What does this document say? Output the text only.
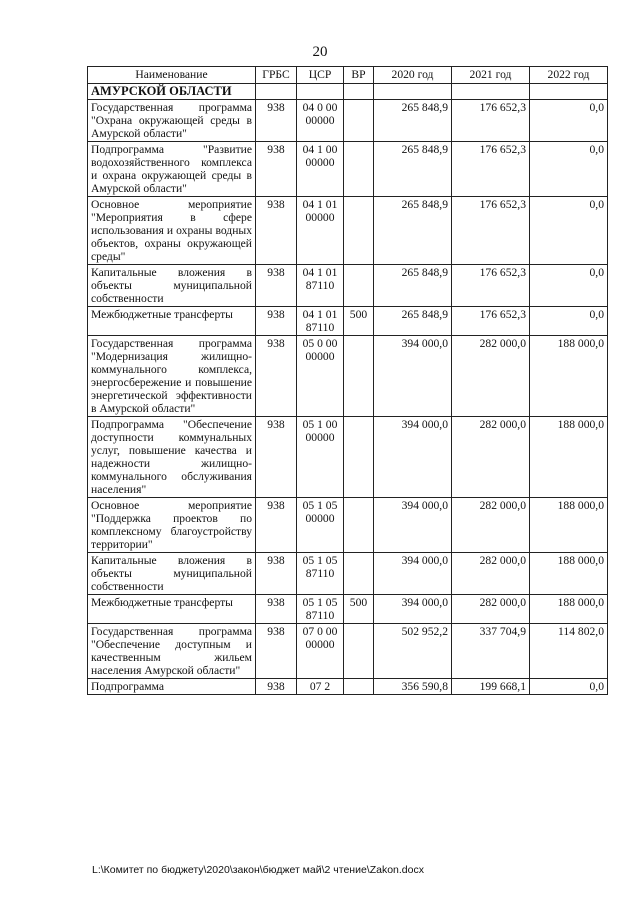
20
Наименование	ГРБС	ЦСР	ВР	2020 год	2021 год	2022 год
АМУРСКОЙ ОБЛАСТИ						
Государственная программа "Охрана окружающей среды в Амурской области"	938	04 0 00 00000		265 848,9	176 652,3	0,0
Подпрограмма "Развитие водохозяйственного комплекса и охрана окружающей среды в Амурской области"	938	04 1 00 00000		265 848,9	176 652,3	0,0
Основное мероприятие "Мероприятия в сфере использования и охраны водных объектов, охраны окружающей среды"	938	04 1 01 00000		265 848,9	176 652,3	0,0
Капитальные вложения в объекты муниципальной собственности	938	04 1 01 87110		265 848,9	176 652,3	0,0
Межбюджетные трансферты	938	04 1 01 87110	500	265 848,9	176 652,3	0,0
Государственная программа "Модернизация жилищно-коммунального комплекса, энергосбережение и повышение энергетической эффективности в Амурской области"	938	05 0 00 00000		394 000,0	282 000,0	188 000,0
Подпрограмма "Обеспечение доступности коммунальных услуг, повышение качества и надежности жилищно-коммунального обслуживания населения"	938	05 1 00 00000		394 000,0	282 000,0	188 000,0
Основное мероприятие "Поддержка проектов по комплексному благоустройству территории"	938	05 1 05 00000		394 000,0	282 000,0	188 000,0
Капитальные вложения в объекты муниципальной собственности	938	05 1 05 87110		394 000,0	282 000,0	188 000,0
Межбюджетные трансферты	938	05 1 05 87110	500	394 000,0	282 000,0	188 000,0
Государственная программа "Обеспечение доступным и качественным жильем населения Амурской области"	938	07 0 00 00000		502 952,2	337 704,9	114 802,0
Подпрограмма	938	07 2		356 590,8	199 668,1	0,0
L:\Комитет по бюджету\2020\закон\бюджет май\2 чтение\Zakon.docx
